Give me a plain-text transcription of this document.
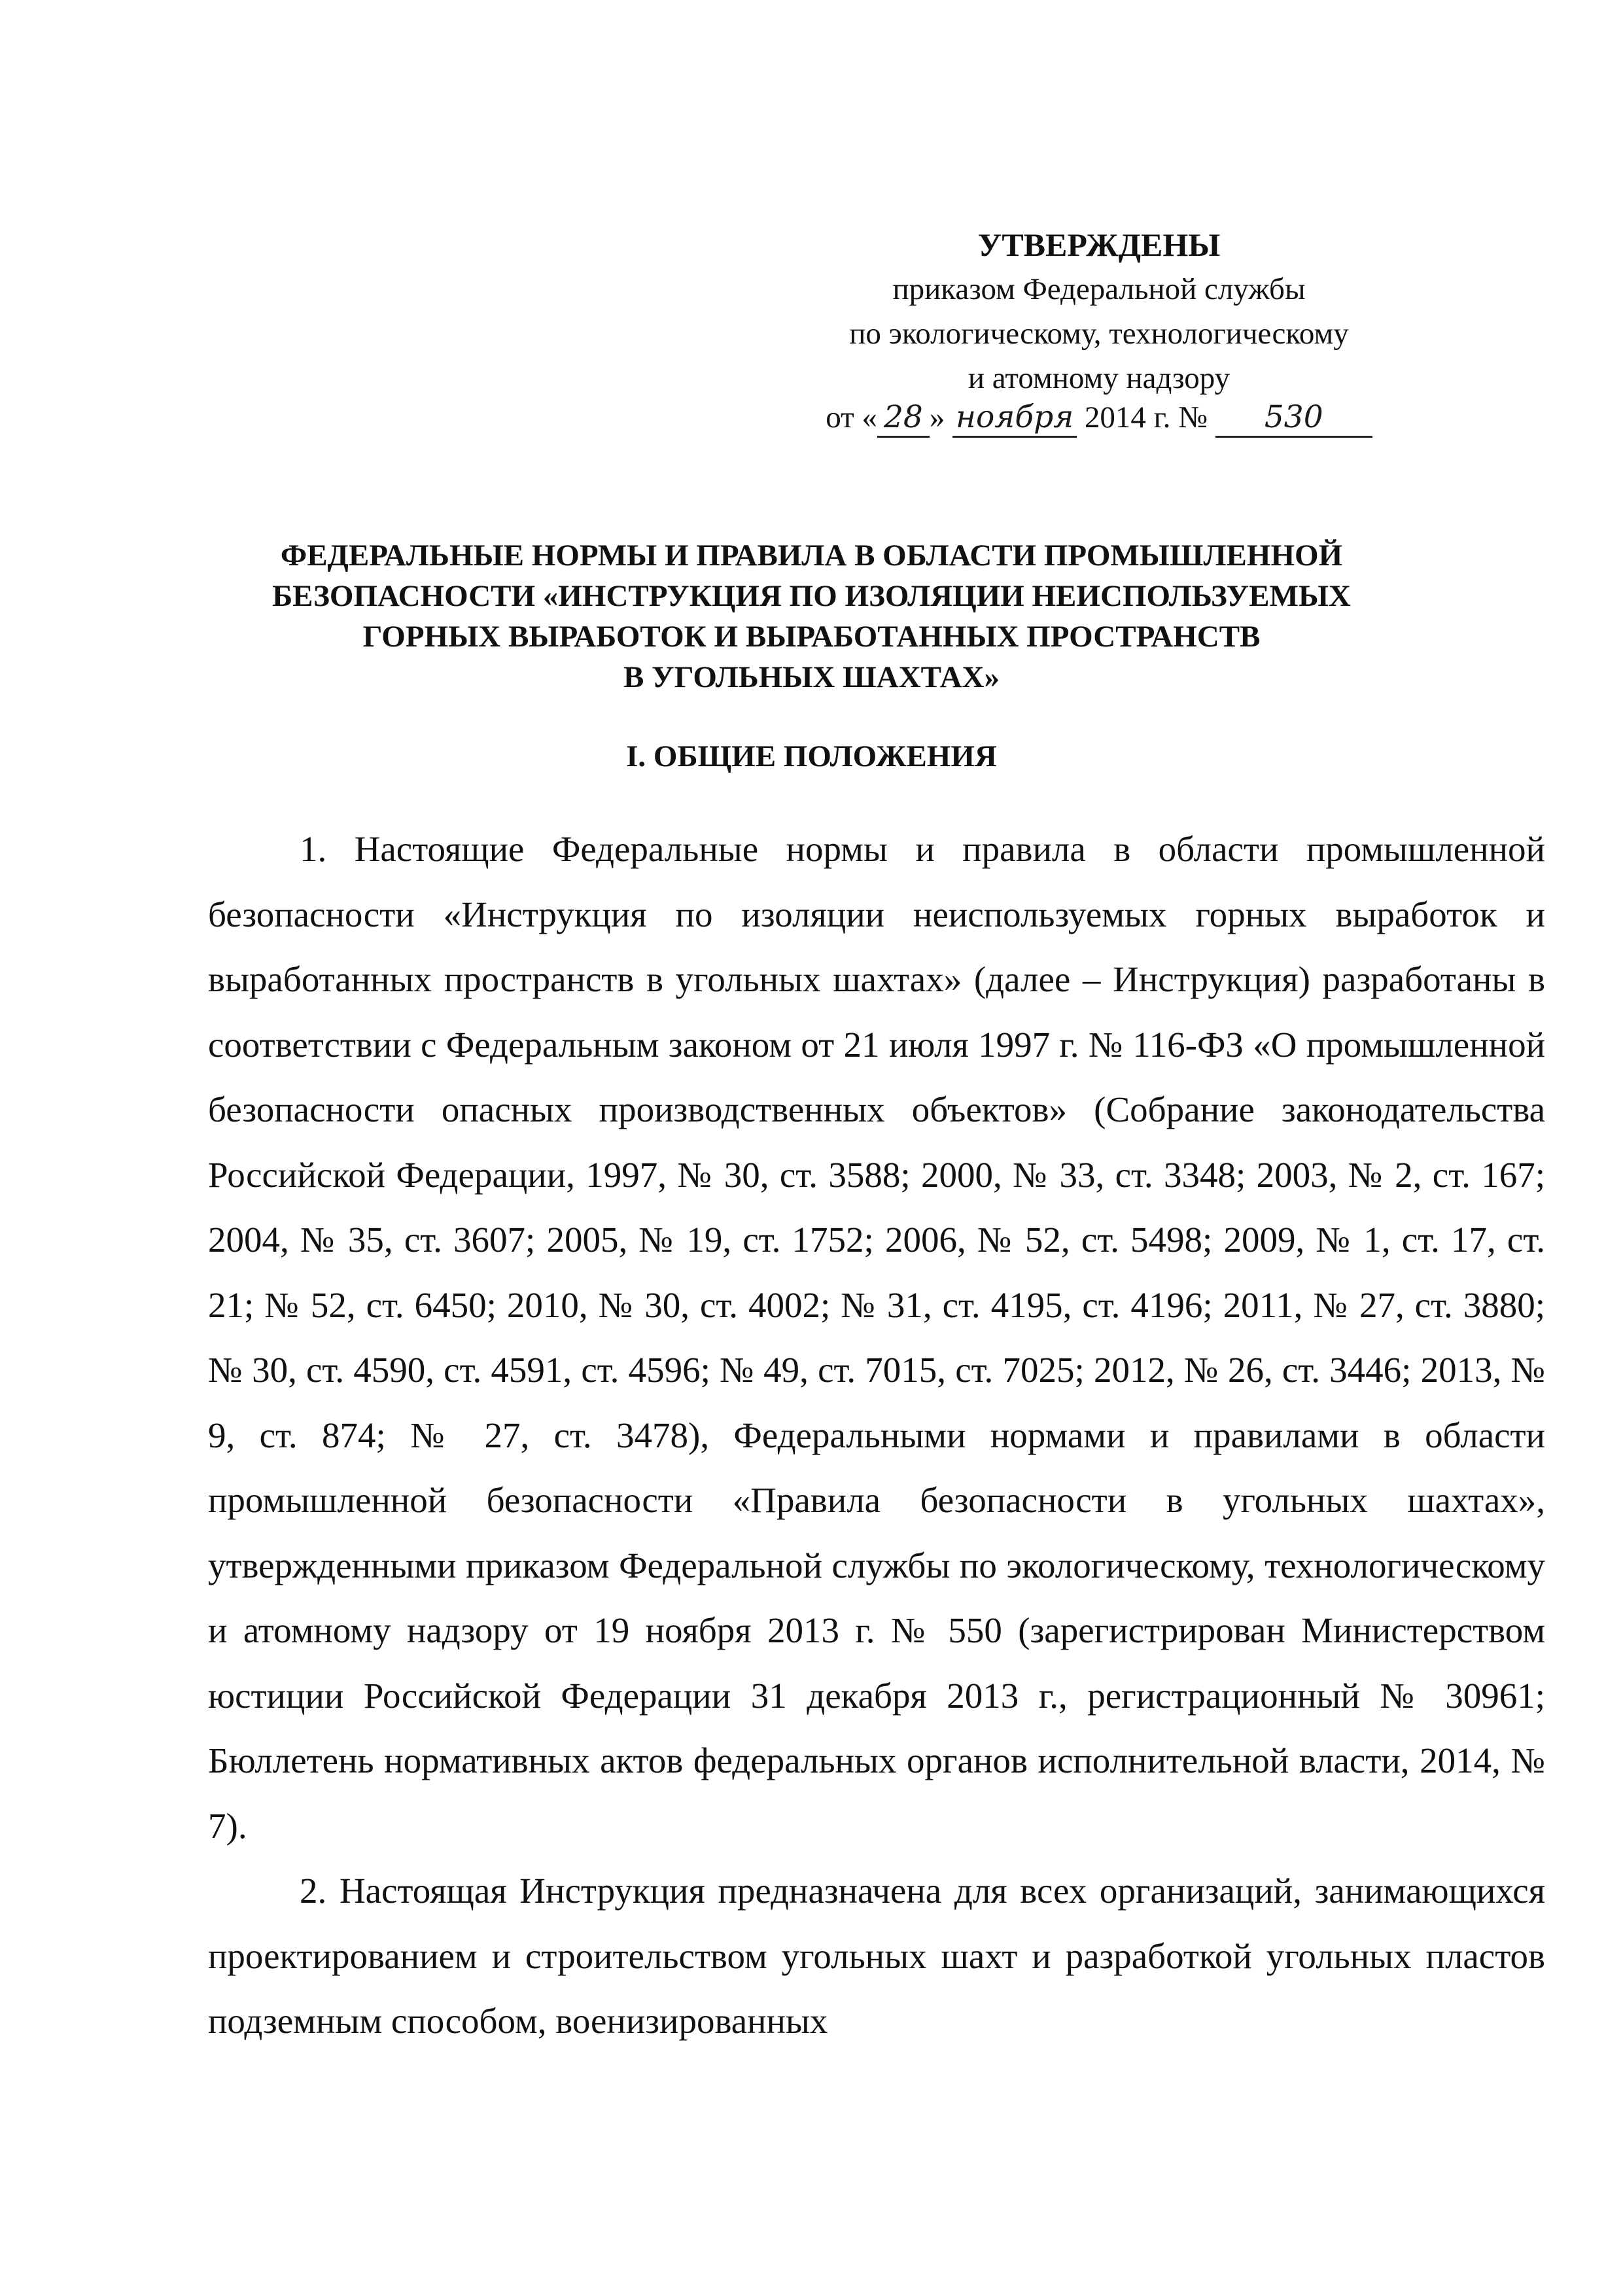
УТВЕРЖДЕНЫ
приказом Федеральной службы
по экологическому, технологическому
и атомному надзору
от « 28 » ноября 2014 г. № 530
ФЕДЕРАЛЬНЫЕ НОРМЫ И ПРАВИЛА В ОБЛАСТИ ПРОМЫШЛЕННОЙ
БЕЗОПАСНОСТИ «ИНСТРУКЦИЯ ПО ИЗОЛЯЦИИ НЕИСПОЛЬЗУЕМЫХ
ГОРНЫХ ВЫРАБОТОК И ВЫРАБОТАННЫХ ПРОСТРАНСТВ
В УГОЛЬНЫХ ШАХТАХ»
I. ОБЩИЕ ПОЛОЖЕНИЯ

1. Настоящие Федеральные нормы и правила в области промышленной безопасности «Инструкция по изоляции неиспользуемых горных выработок и выработанных пространств в угольных шахтах» (далее – Инструкция) разработаны в соответствии с Федеральным законом от 21 июля 1997 г. № 116-ФЗ «О промышленной безопасности опасных производственных объектов» (Собрание законодательства Российской Федерации, 1997, № 30, ст. 3588; 2000, № 33, ст. 3348; 2003, № 2, ст. 167; 2004, № 35, ст. 3607; 2005, № 19, ст. 1752; 2006, № 52, ст. 5498; 2009, № 1, ст. 17, ст. 21; № 52, ст. 6450; 2010, № 30, ст. 4002; № 31, ст. 4195, ст. 4196; 2011, № 27, ст. 3880; № 30, ст. 4590, ст. 4591, ст. 4596; № 49, ст. 7015, ст. 7025; 2012, № 26, ст. 3446; 2013, № 9, ст. 874; № 27, ст. 3478), Федеральными нормами и правилами в области промышленной безопасности «Правила безопасности в угольных шахтах», утвержденными приказом Федеральной службы по экологическому, технологическому и атомному надзору от 19 ноября 2013 г. № 550 (зарегистрирован Министерством юстиции Российской Федерации 31 декабря 2013 г., регистрационный № 30961; Бюллетень нормативных актов федеральных органов исполнительной власти, 2014, № 7).

2. Настоящая Инструкция предназначена для всех организаций, занимающихся проектированием и строительством угольных шахт и разработкой угольных пластов подземным способом, военизированных
